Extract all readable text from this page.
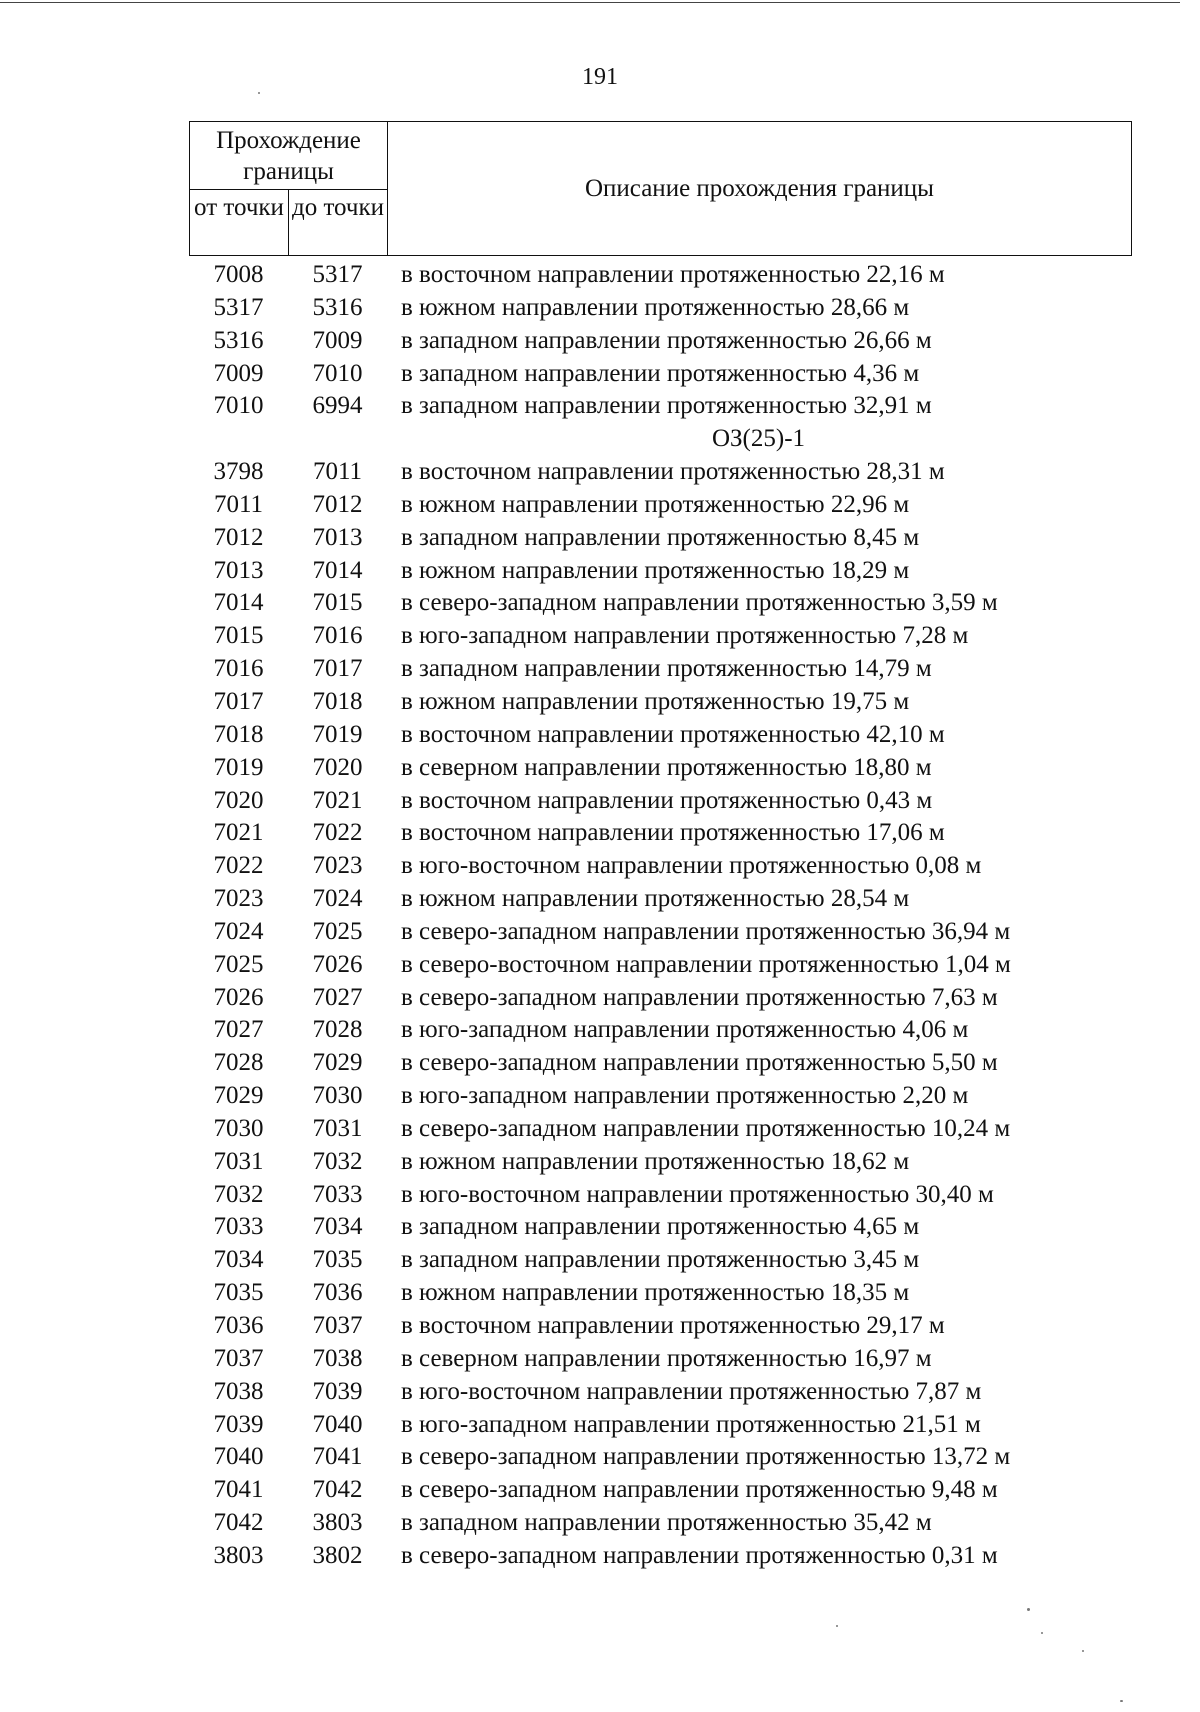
191
Прохождение границы
от точки до точки
Описание прохождения границы
7008	5317	в восточном направлении протяженностью 22,16 м
5317	5316	в южном направлении протяженностью 28,66 м
5316	7009	в западном направлении протяженностью 26,66 м
7009	7010	в западном направлении протяженностью 4,36 м
7010	6994	в западном направлении протяженностью 32,91 м
ОЗ(25)-1
3798	7011	в восточном направлении протяженностью 28,31 м
7011	7012	в южном направлении протяженностью 22,96 м
7012	7013	в западном направлении протяженностью 8,45 м
7013	7014	в южном направлении протяженностью 18,29 м
7014	7015	в северо-западном направлении протяженностью 3,59 м
7015	7016	в юго-западном направлении протяженностью 7,28 м
7016	7017	в западном направлении протяженностью 14,79 м
7017	7018	в южном направлении протяженностью 19,75 м
7018	7019	в восточном направлении протяженностью 42,10 м
7019	7020	в северном направлении протяженностью 18,80 м
7020	7021	в восточном направлении протяженностью 0,43 м
7021	7022	в восточном направлении протяженностью 17,06 м
7022	7023	в юго-восточном направлении протяженностью 0,08 м
7023	7024	в южном направлении протяженностью 28,54 м
7024	7025	в северо-западном направлении протяженностью 36,94 м
7025	7026	в северо-восточном направлении протяженностью 1,04 м
7026	7027	в северо-западном направлении протяженностью 7,63 м
7027	7028	в юго-западном направлении протяженностью 4,06 м
7028	7029	в северо-западном направлении протяженностью 5,50 м
7029	7030	в юго-западном направлении протяженностью 2,20 м
7030	7031	в северо-западном направлении протяженностью 10,24 м
7031	7032	в южном направлении протяженностью 18,62 м
7032	7033	в юго-восточном направлении протяженностью 30,40 м
7033	7034	в западном направлении протяженностью 4,65 м
7034	7035	в западном направлении протяженностью 3,45 м
7035	7036	в южном направлении протяженностью 18,35 м
7036	7037	в восточном направлении протяженностью 29,17 м
7037	7038	в северном направлении протяженностью 16,97 м
7038	7039	в юго-восточном направлении протяженностью 7,87 м
7039	7040	в юго-западном направлении протяженностью 21,51 м
7040	7041	в северо-западном направлении протяженностью 13,72 м
7041	7042	в северо-западном направлении протяженностью 9,48 м
7042	3803	в западном направлении протяженностью 35,42 м
3803	3802	в северо-западном направлении протяженностью 0,31 м
